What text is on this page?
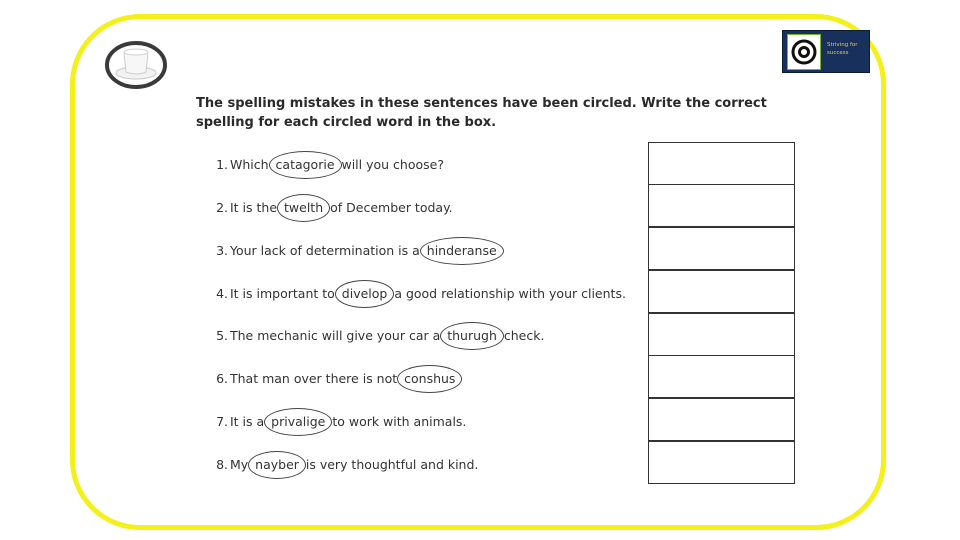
Striving for success

The spelling mistakes in these sentences have been circled. Write the correct spelling for each circled word in the box.

1. Which catagorie will you choose?
2. It is the twelth of December today.
3. Your lack of determination is a hinderanse
4. It is important to divelop a good relationship with your clients.
5. The mechanic will give your car a thurugh check.
6. That man over there is not conshus
7. It is a privalige to work with animals.
8. My nayber is very thoughtful and kind.
